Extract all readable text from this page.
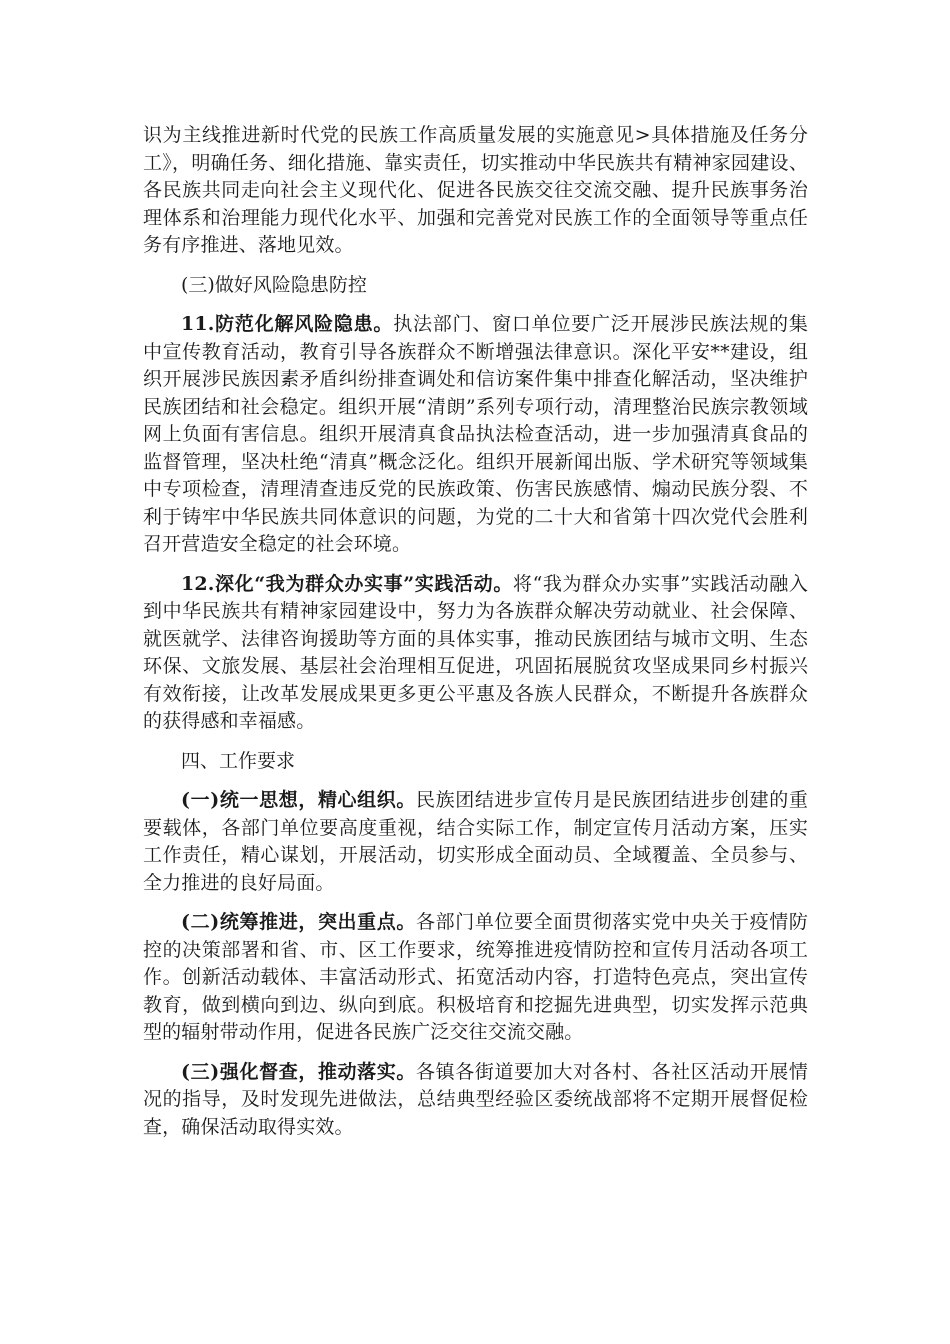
识为主线推进新时代党的民族工作高质量发展的实施意见>具体措施及任务分工》，明确任务、细化措施、靠实责任，切实推动中华民族共有精神家园建设、各民族共同走向社会主义现代化、促进各民族交往交流交融、提升民族事务治理体系和治理能力现代化水平、加强和完善党对民族工作的全面领导等重点任务有序推进、落地见效。

(三)做好风险隐患防控

11.防范化解风险隐患。执法部门、窗口单位要广泛开展涉民族法规的集中宣传教育活动，教育引导各族群众不断增强法律意识。深化平安**建设，组织开展涉民族因素矛盾纠纷排查调处和信访案件集中排查化解活动，坚决维护民族团结和社会稳定。组织开展“清朗”系列专项行动，清理整治民族宗教领域网上负面有害信息。组织开展清真食品执法检查活动，进一步加强清真食品的监督管理，坚决杜绝“清真”概念泛化。组织开展新闻出版、学术研究等领域集中专项检查，清理清查违反党的民族政策、伤害民族感情、煽动民族分裂、不利于铸牢中华民族共同体意识的问题，为党的二十大和省第十四次党代会胜利召开营造安全稳定的社会环境。

12.深化“我为群众办实事”实践活动。将“我为群众办实事”实践活动融入到中华民族共有精神家园建设中，努力为各族群众解决劳动就业、社会保障、就医就学、法律咨询援助等方面的具体实事，推动民族团结与城市文明、生态环保、文旅发展、基层社会治理相互促进，巩固拓展脱贫攻坚成果同乡村振兴有效衔接，让改革发展成果更多更公平惠及各族人民群众，不断提升各族群众的获得感和幸福感。

四、工作要求

(一)统一思想，精心组织。民族团结进步宣传月是民族团结进步创建的重要载体，各部门单位要高度重视，结合实际工作，制定宣传月活动方案，压实工作责任，精心谋划，开展活动，切实形成全面动员、全域覆盖、全员参与、全力推进的良好局面。

(二)统筹推进，突出重点。各部门单位要全面贯彻落实党中央关于疫情防控的决策部署和省、市、区工作要求，统筹推进疫情防控和宣传月活动各项工作。创新活动载体、丰富活动形式、拓宽活动内容，打造特色亮点，突出宣传教育，做到横向到边、纵向到底。积极培育和挖掘先进典型，切实发挥示范典型的辐射带动作用，促进各民族广泛交往交流交融。

(三)强化督查，推动落实。各镇各街道要加大对各村、各社区活动开展情况的指导，及时发现先进做法，总结典型经验区委统战部将不定期开展督促检查，确保活动取得实效。
